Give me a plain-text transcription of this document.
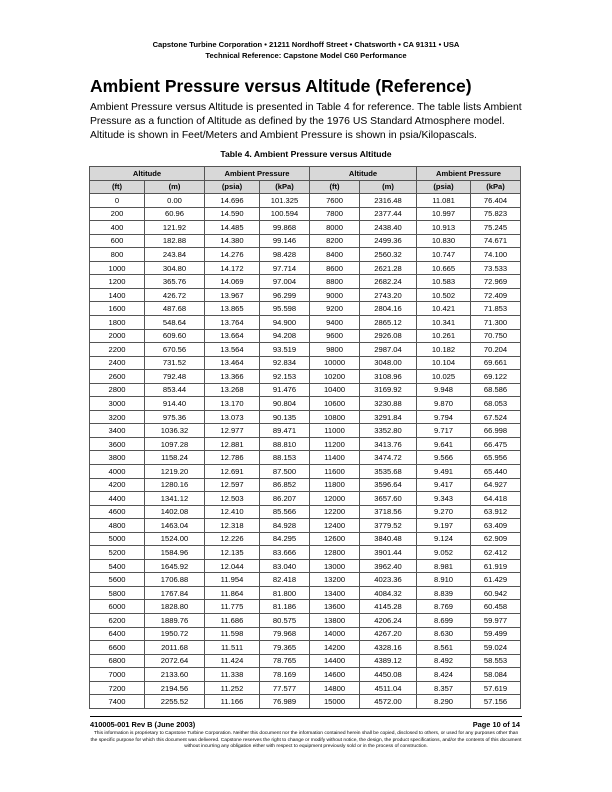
Capstone Turbine Corporation • 21211 Nordhoff Street • Chatsworth • CA 91311 • USA
Technical Reference: Capstone Model C60 Performance
Ambient Pressure versus Altitude (Reference)

Ambient Pressure versus Altitude is presented in Table 4 for reference. The table lists Ambient Pressure as a function of Altitude as defined by the 1976 US Standard Atmosphere model. Altitude is shown in Feet/Meters and Ambient Pressure is shown in psia/Kilopascals.

Table 4. Ambient Pressure versus Altitude
Altitude		Ambient Pressure		Altitude		Ambient Pressure	
(ft)	(m)	(psia)	(kPa)	(ft)	(m)	(psia)	(kPa)
0	0.00	14.696	101.325	7600	2316.48	11.081	76.404
200	60.96	14.590	100.594	7800	2377.44	10.997	75.823
400	121.92	14.485	99.868	8000	2438.40	10.913	75.245
600	182.88	14.380	99.146	8200	2499.36	10.830	74.671
800	243.84	14.276	98.428	8400	2560.32	10.747	74.100
1000	304.80	14.172	97.714	8600	2621.28	10.665	73.533
1200	365.76	14.069	97.004	8800	2682.24	10.583	72.969
1400	426.72	13.967	96.299	9000	2743.20	10.502	72.409
1600	487.68	13.865	95.598	9200	2804.16	10.421	71.853
1800	548.64	13.764	94.900	9400	2865.12	10.341	71.300
2000	609.60	13.664	94.208	9600	2926.08	10.261	70.750
2200	670.56	13.564	93.519	9800	2987.04	10.182	70.204
2400	731.52	13.464	92.834	10000	3048.00	10.104	69.661
2600	792.48	13.366	92.153	10200	3108.96	10.025	69.122
2800	853.44	13.268	91.476	10400	3169.92	9.948	68.586
3000	914.40	13.170	90.804	10600	3230.88	9.870	68.053
3200	975.36	13.073	90.135	10800	3291.84	9.794	67.524
3400	1036.32	12.977	89.471	11000	3352.80	9.717	66.998
3600	1097.28	12.881	88.810	11200	3413.76	9.641	66.475
3800	1158.24	12.786	88.153	11400	3474.72	9.566	65.956
4000	1219.20	12.691	87.500	11600	3535.68	9.491	65.440
4200	1280.16	12.597	86.852	11800	3596.64	9.417	64.927
4400	1341.12	12.503	86.207	12000	3657.60	9.343	64.418
4600	1402.08	12.410	85.566	12200	3718.56	9.270	63.912
4800	1463.04	12.318	84.928	12400	3779.52	9.197	63.409
5000	1524.00	12.226	84.295	12600	3840.48	9.124	62.909
5200	1584.96	12.135	83.666	12800	3901.44	9.052	62.412
5400	1645.92	12.044	83.040	13000	3962.40	8.981	61.919
5600	1706.88	11.954	82.418	13200	4023.36	8.910	61.429
5800	1767.84	11.864	81.800	13400	4084.32	8.839	60.942
6000	1828.80	11.775	81.186	13600	4145.28	8.769	60.458
6200	1889.76	11.686	80.575	13800	4206.24	8.699	59.977
6400	1950.72	11.598	79.968	14000	4267.20	8.630	59.499
6600	2011.68	11.511	79.365	14200	4328.16	8.561	59.024
6800	2072.64	11.424	78.765	14400	4389.12	8.492	58.553
7000	2133.60	11.338	78.169	14600	4450.08	8.424	58.084
7200	2194.56	11.252	77.577	14800	4511.04	8.357	57.619
7400	2255.52	11.166	76.989	15000	4572.00	8.290	57.156
410005-001 Rev B (June 2003)	Page 10 of 14

This information is proprietary to Capstone Turbine Corporation. Neither this document nor the information contained herein shall be copied, disclosed to others, or used for any purposes other than the specific purpose for which this document was delivered. Capstone reserves the right to change or modify without notice, the design, the product specifications, and/or the contents of this document without incurring any obligation either with respect to equipment previously sold or in the process of construction.
